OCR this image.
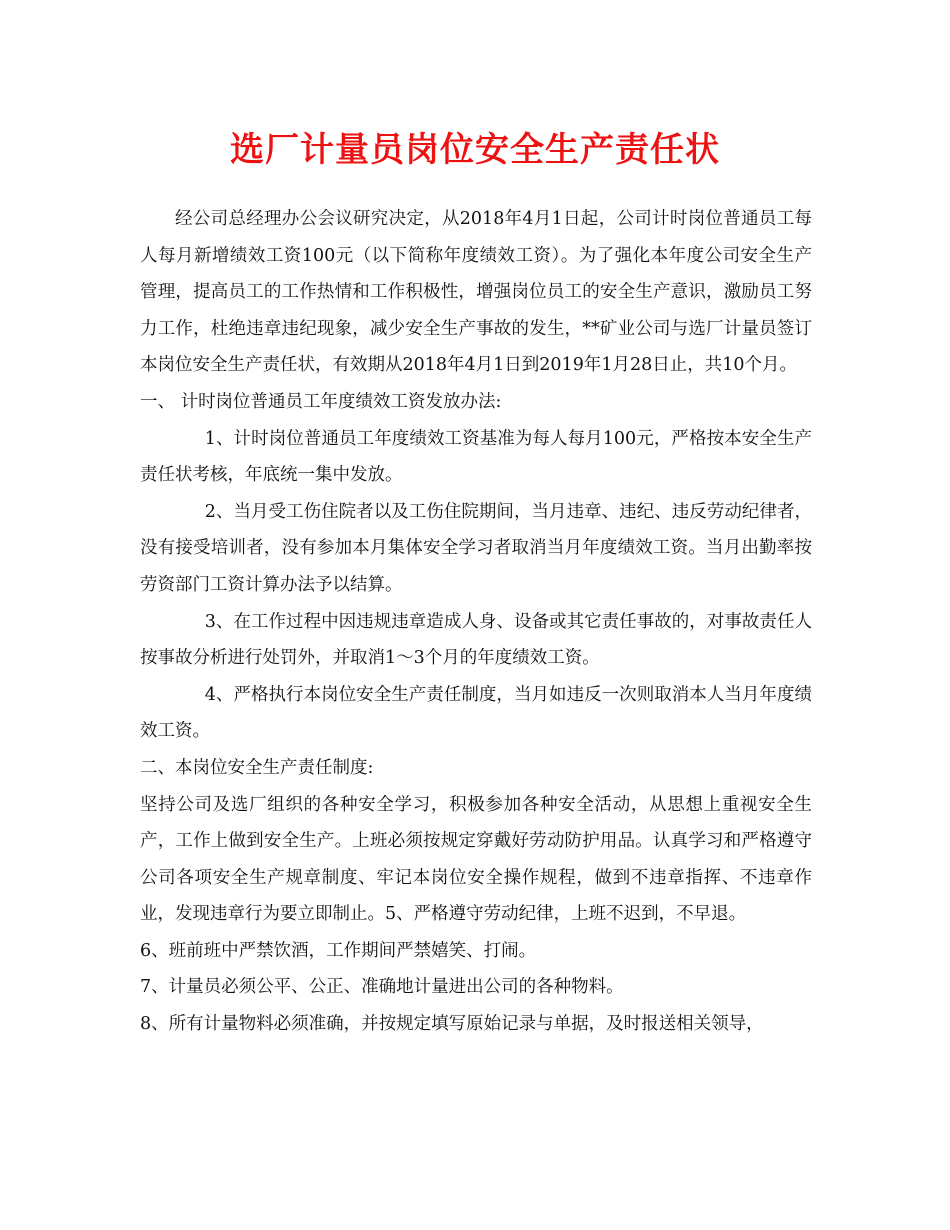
选厂计量员岗位安全生产责任状

经公司总经理办公会议研究决定，从2018年4月1日起，公司计时岗位普通员工每人每月新增绩效工资100元（以下简称年度绩效工资）。为了强化本年度公司安全生产管理，提高员工的工作热情和工作积极性，增强岗位员工的安全生产意识，激励员工努力工作，杜绝违章违纪现象，减少安全生产事故的发生，**矿业公司与选厂计量员签订本岗位安全生产责任状，有效期从2018年4月1日到2019年1月28日止，共10个月。

一、 计时岗位普通员工年度绩效工资发放办法:

1、计时岗位普通员工年度绩效工资基准为每人每月100元，严格按本安全生产责任状考核，年底统一集中发放。

2、当月受工伤住院者以及工伤住院期间，当月违章、违纪、违反劳动纪律者，没有接受培训者，没有参加本月集体安全学习者取消当月年度绩效工资。当月出勤率按劳资部门工资计算办法予以结算。

3、在工作过程中因违规违章造成人身、设备或其它责任事故的，对事故责任人按事故分析进行处罚外，并取消1～3个月的年度绩效工资。

4、严格执行本岗位安全生产责任制度，当月如违反一次则取消本人当月年度绩效工资。

二、本岗位安全生产责任制度:

坚持公司及选厂组织的各种安全学习，积极参加各种安全活动，从思想上重视安全生产，工作上做到安全生产。上班必须按规定穿戴好劳动防护用品。认真学习和严格遵守公司各项安全生产规章制度、牢记本岗位安全操作规程，做到不违章指挥、不违章作业，发现违章行为要立即制止。5、严格遵守劳动纪律，上班不迟到，不早退。

6、班前班中严禁饮酒，工作期间严禁嬉笑、打闹。

7、计量员必须公平、公正、准确地计量进出公司的各种物料。

8、所有计量物料必须准确，并按规定填写原始记录与单据，及时报送相关领导，
